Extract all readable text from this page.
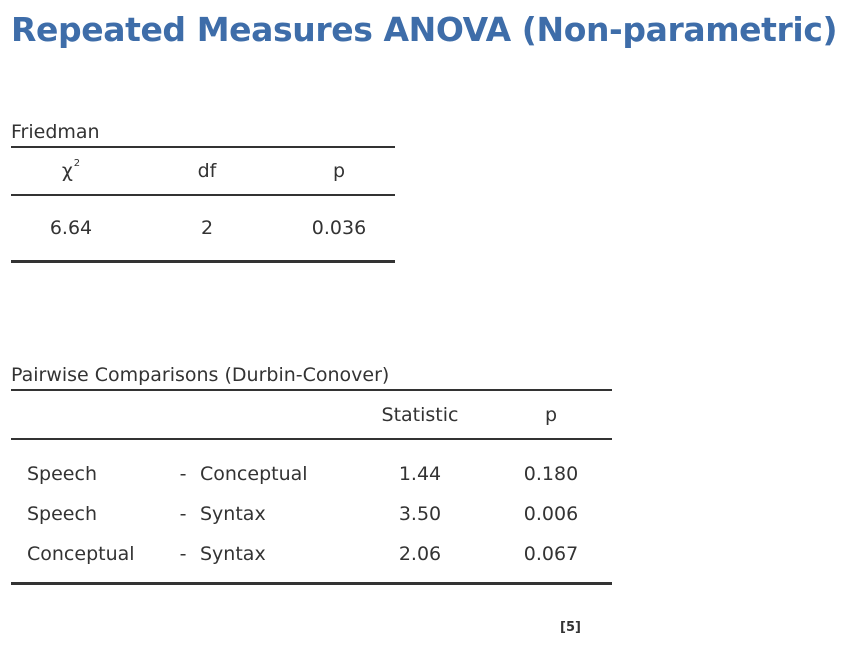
Repeated Measures ANOVA (Non-parametric)
Friedman
$\chi^2$	df	p
6.64	2	0.036
Pairwise Comparisons (Durbin-Conover)
			Statistic	p
Speech	-	Conceptual	1.44	0.180
Speech	-	Syntax	3.50	0.006
Conceptual	-	Syntax	2.06	0.067
[5]
